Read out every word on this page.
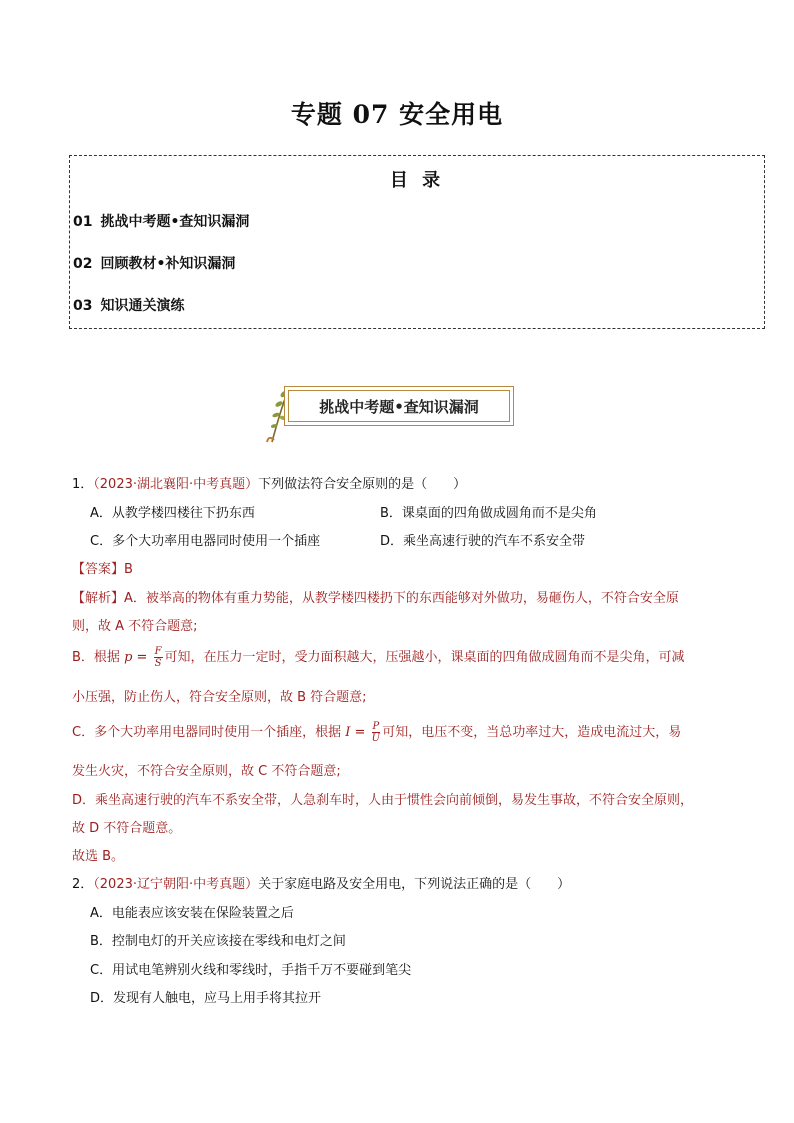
专题 07 安全用电
目 录
01 挑战中考题•查知识漏洞
02 回顾教材•补知识漏洞
03 知识通关演练
挑战中考题•查知识漏洞
1．（2023·湖北襄阳·中考真题）下列做法符合安全原则的是（　　）
A．从教学楼四楼往下扔东西	B．课桌面的四角做成圆角而不是尖角
C．多个大功率用电器同时使用一个插座	D．乘坐高速行驶的汽车不系安全带
【答案】B
【解析】A．被举高的物体有重力势能，从教学楼四楼扔下的东西能够对外做功，易砸伤人，不符合安全原
则，故 A 不符合题意;
B．根据 $p = \frac{F}{S}$ 可知，在压力一定时，受力面积越大，压强越小，课桌面的四角做成圆角而不是尖角，可减
小压强，防止伤人，符合安全原则，故 B 符合题意;
C．多个大功率用电器同时使用一个插座，根据 $I = \frac{P}{U}$ 可知，电压不变，当总功率过大，造成电流过大，易
发生火灾，不符合安全原则，故 C 不符合题意;
D．乘坐高速行驶的汽车不系安全带，人急刹车时，人由于惯性会向前倾倒，易发生事故，不符合安全原则，
故 D 不符合题意。
故选 B。
2．（2023·辽宁朝阳·中考真题）关于家庭电路及安全用电，下列说法正确的是（　　）
A．电能表应该安装在保险装置之后
B．控制电灯的开关应该接在零线和电灯之间
C．用试电笔辨别火线和零线时，手指千万不要碰到笔尖
D．发现有人触电，应马上用手将其拉开
